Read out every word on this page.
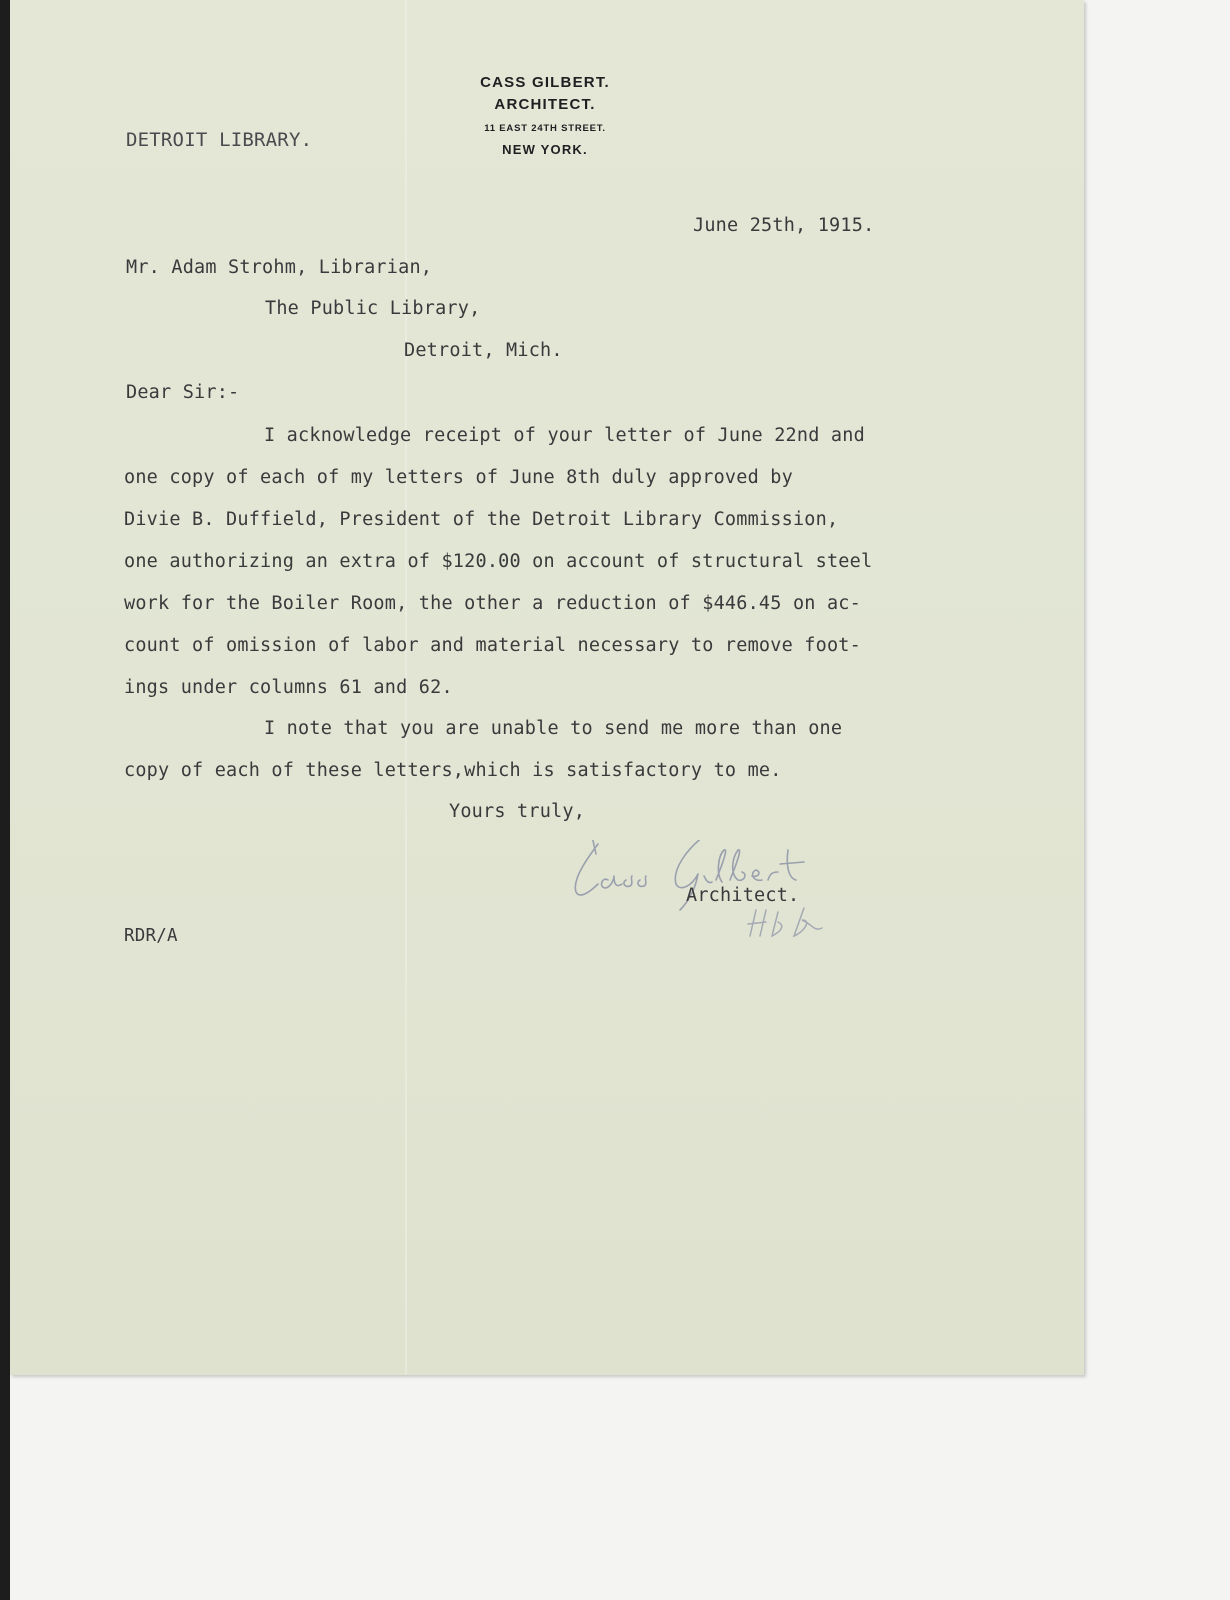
DETROIT LIBRARY.
CASS GILBERT.
ARCHITECT.
11 EAST 24TH STREET.
NEW YORK.
June 25th, 1915.
Mr. Adam Strohm, Librarian,
The Public Library,
Detroit, Mich.
Dear Sir:-
I acknowledge receipt of your letter of June 22nd and
one copy of each of my letters of June 8th duly approved by
Divie B. Duffield, President of the Detroit Library Commission,
one authorizing an extra of $120.00 on account of structural steel
work for the Boiler Room, the other a reduction of $446.45 on ac-
count of omission of labor and material necessary to remove foot-
ings under columns 61 and 62.
I note that you are unable to send me more than one
copy of each of these letters,which is satisfactory to me.
Yours truly,
Architect.
RDR/A
